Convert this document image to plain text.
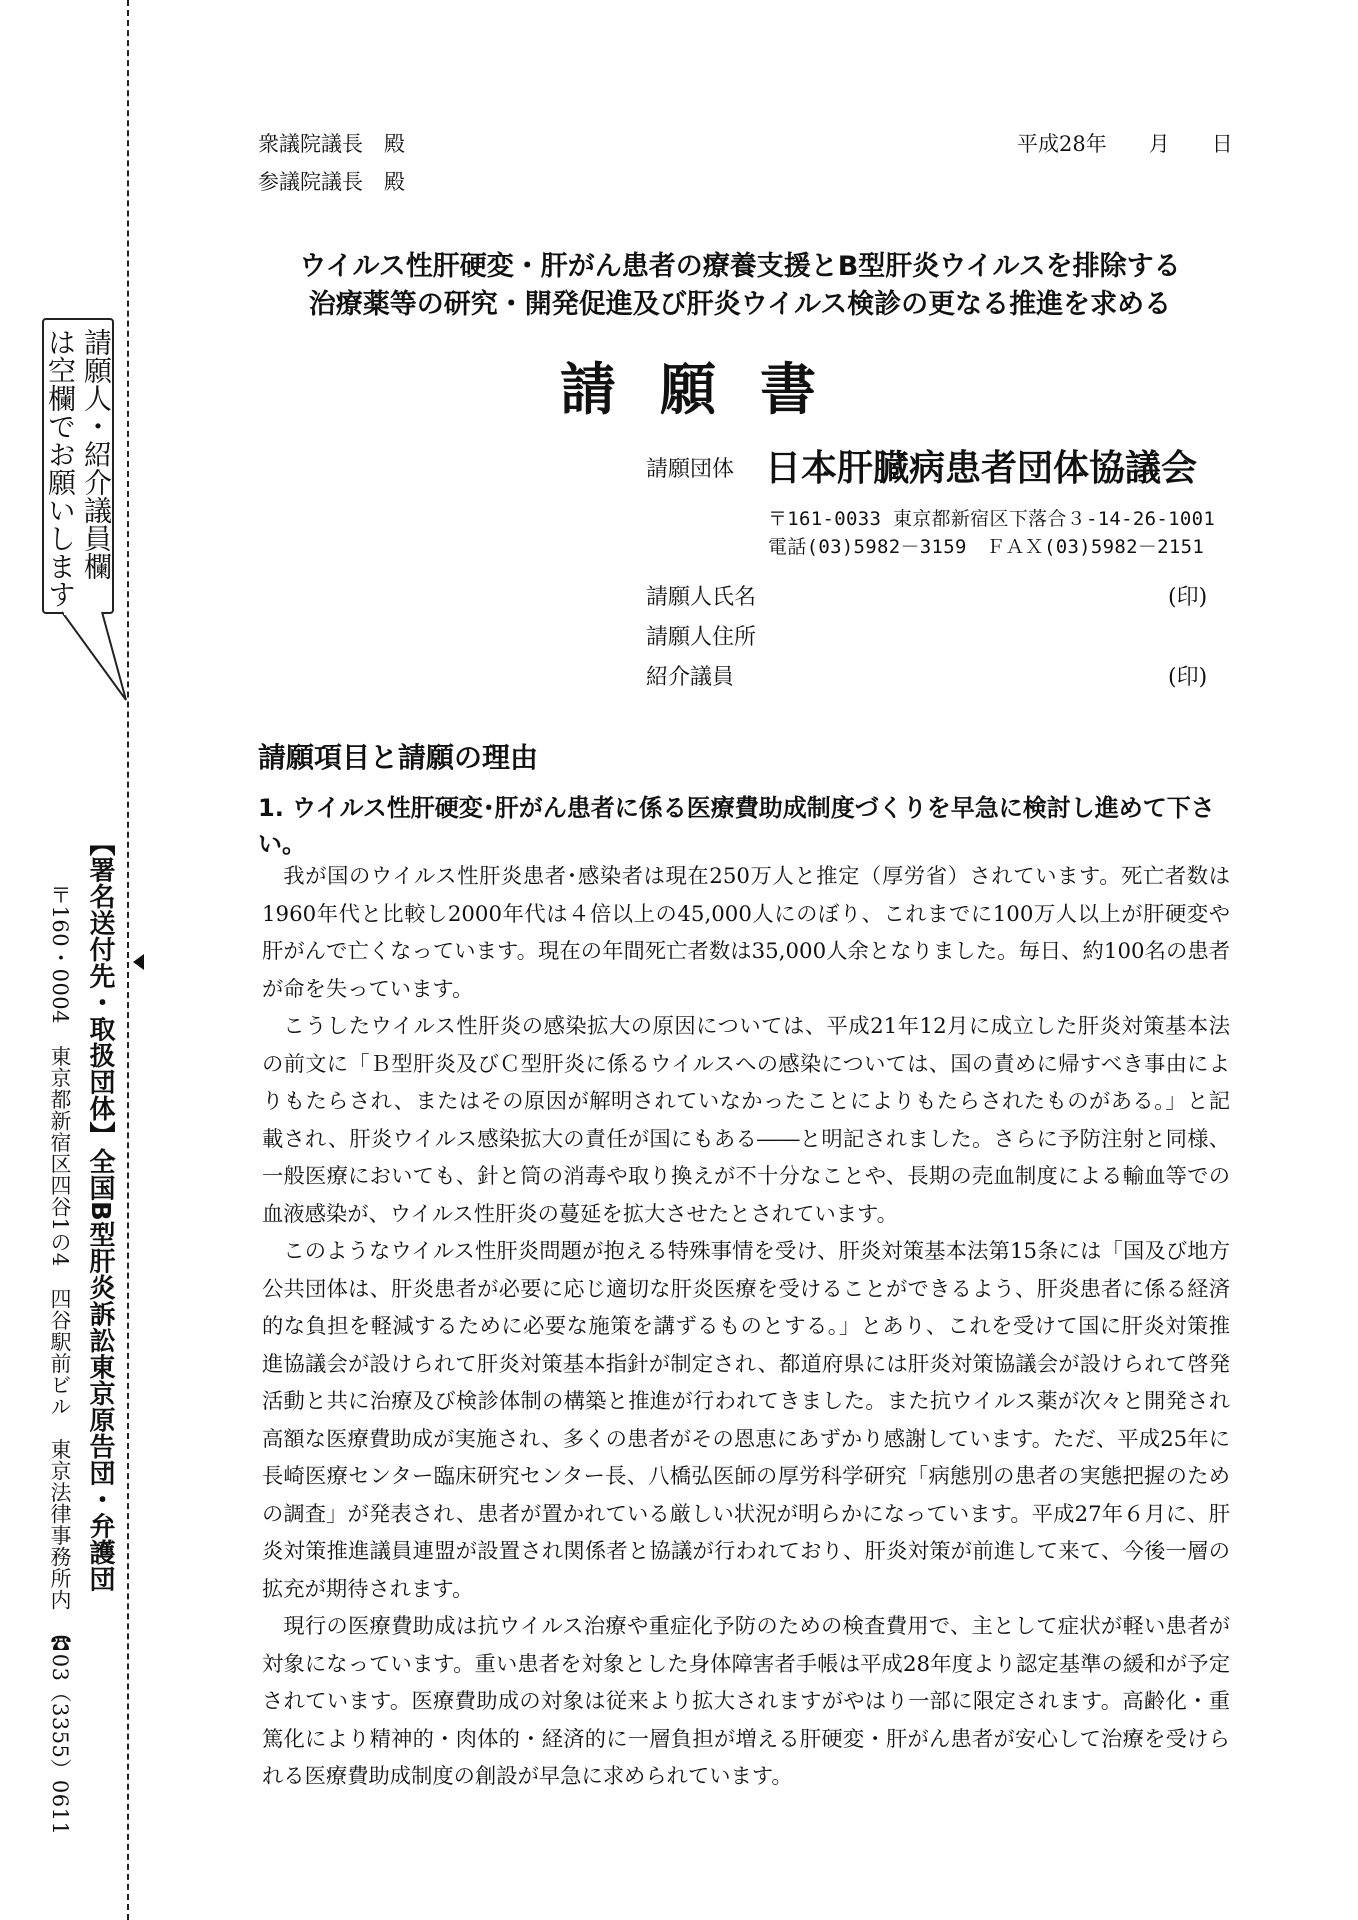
請願人・紹介議員欄
は空欄でお願いします
【署名送付先・取扱団体】全国B型肝炎訴訟東京原告団・弁護団
〒160・0004　東京都新宿区四谷1の4　四谷駅前ビル　東京法律事務所内　☎03（3355）0611
衆議院議長　殿
参議院議長　殿
平成28年　　月　　日
ウイルス性肝硬変・肝がん患者の療養支援とB型肝炎ウイルスを排除する
治療薬等の研究・開発促進及び肝炎ウイルス検診の更なる推進を求める
請願書
請願団体 日本肝臓病患者団体協議会
〒161-0033 東京都新宿区下落合３-14-26-1001
電話(03)5982－3159　ＦＡＸ(03)5982－2151
請願人氏名	(印)
請願人住所
紹介議員	(印)
請願項目と請願の理由
1. ウイルス性肝硬変･肝がん患者に係る医療費助成制度づくりを早急に検討し進めて下さい。

我が国のウイルス性肝炎患者･感染者は現在250万人と推定（厚労省）されています。死亡者数は1960年代と比較し2000年代は４倍以上の45,000人にのぼり、これまでに100万人以上が肝硬変や肝がんで亡くなっています。現在の年間死亡者数は35,000人余となりました。毎日、約100名の患者が命を失っています。

こうしたウイルス性肝炎の感染拡大の原因については、平成21年12月に成立した肝炎対策基本法の前文に「Ｂ型肝炎及びＣ型肝炎に係るウイルスへの感染については、国の責めに帰すべき事由によりもたらされ、またはその原因が解明されていなかったことによりもたらされたものがある。」と記載され、肝炎ウイルス感染拡大の責任が国にもある――と明記されました。さらに予防注射と同様、一般医療においても、針と筒の消毒や取り換えが不十分なことや、長期の売血制度による輸血等での血液感染が、ウイルス性肝炎の蔓延を拡大させたとされています。

このようなウイルス性肝炎問題が抱える特殊事情を受け、肝炎対策基本法第15条には「国及び地方公共団体は、肝炎患者が必要に応じ適切な肝炎医療を受けることができるよう、肝炎患者に係る経済的な負担を軽減するために必要な施策を講ずるものとする。」とあり、これを受けて国に肝炎対策推進協議会が設けられて肝炎対策基本指針が制定され、都道府県には肝炎対策協議会が設けられて啓発活動と共に治療及び検診体制の構築と推進が行われてきました。また抗ウイルス薬が次々と開発され高額な医療費助成が実施され、多くの患者がその恩恵にあずかり感謝しています。ただ、平成25年に長崎医療センター臨床研究センター長、八橋弘医師の厚労科学研究「病態別の患者の実態把握のための調査」が発表され、患者が置かれている厳しい状況が明らかになっています。平成27年６月に、肝炎対策推進議員連盟が設置され関係者と協議が行われており、肝炎対策が前進して来て、今後一層の拡充が期待されます。

現行の医療費助成は抗ウイルス治療や重症化予防のための検査費用で、主として症状が軽い患者が対象になっています。重い患者を対象とした身体障害者手帳は平成28年度より認定基準の緩和が予定されています。医療費助成の対象は従来より拡大されますがやはり一部に限定されます。高齢化・重篤化により精神的・肉体的・経済的に一層負担が増える肝硬変・肝がん患者が安心して治療を受けられる医療費助成制度の創設が早急に求められています。
